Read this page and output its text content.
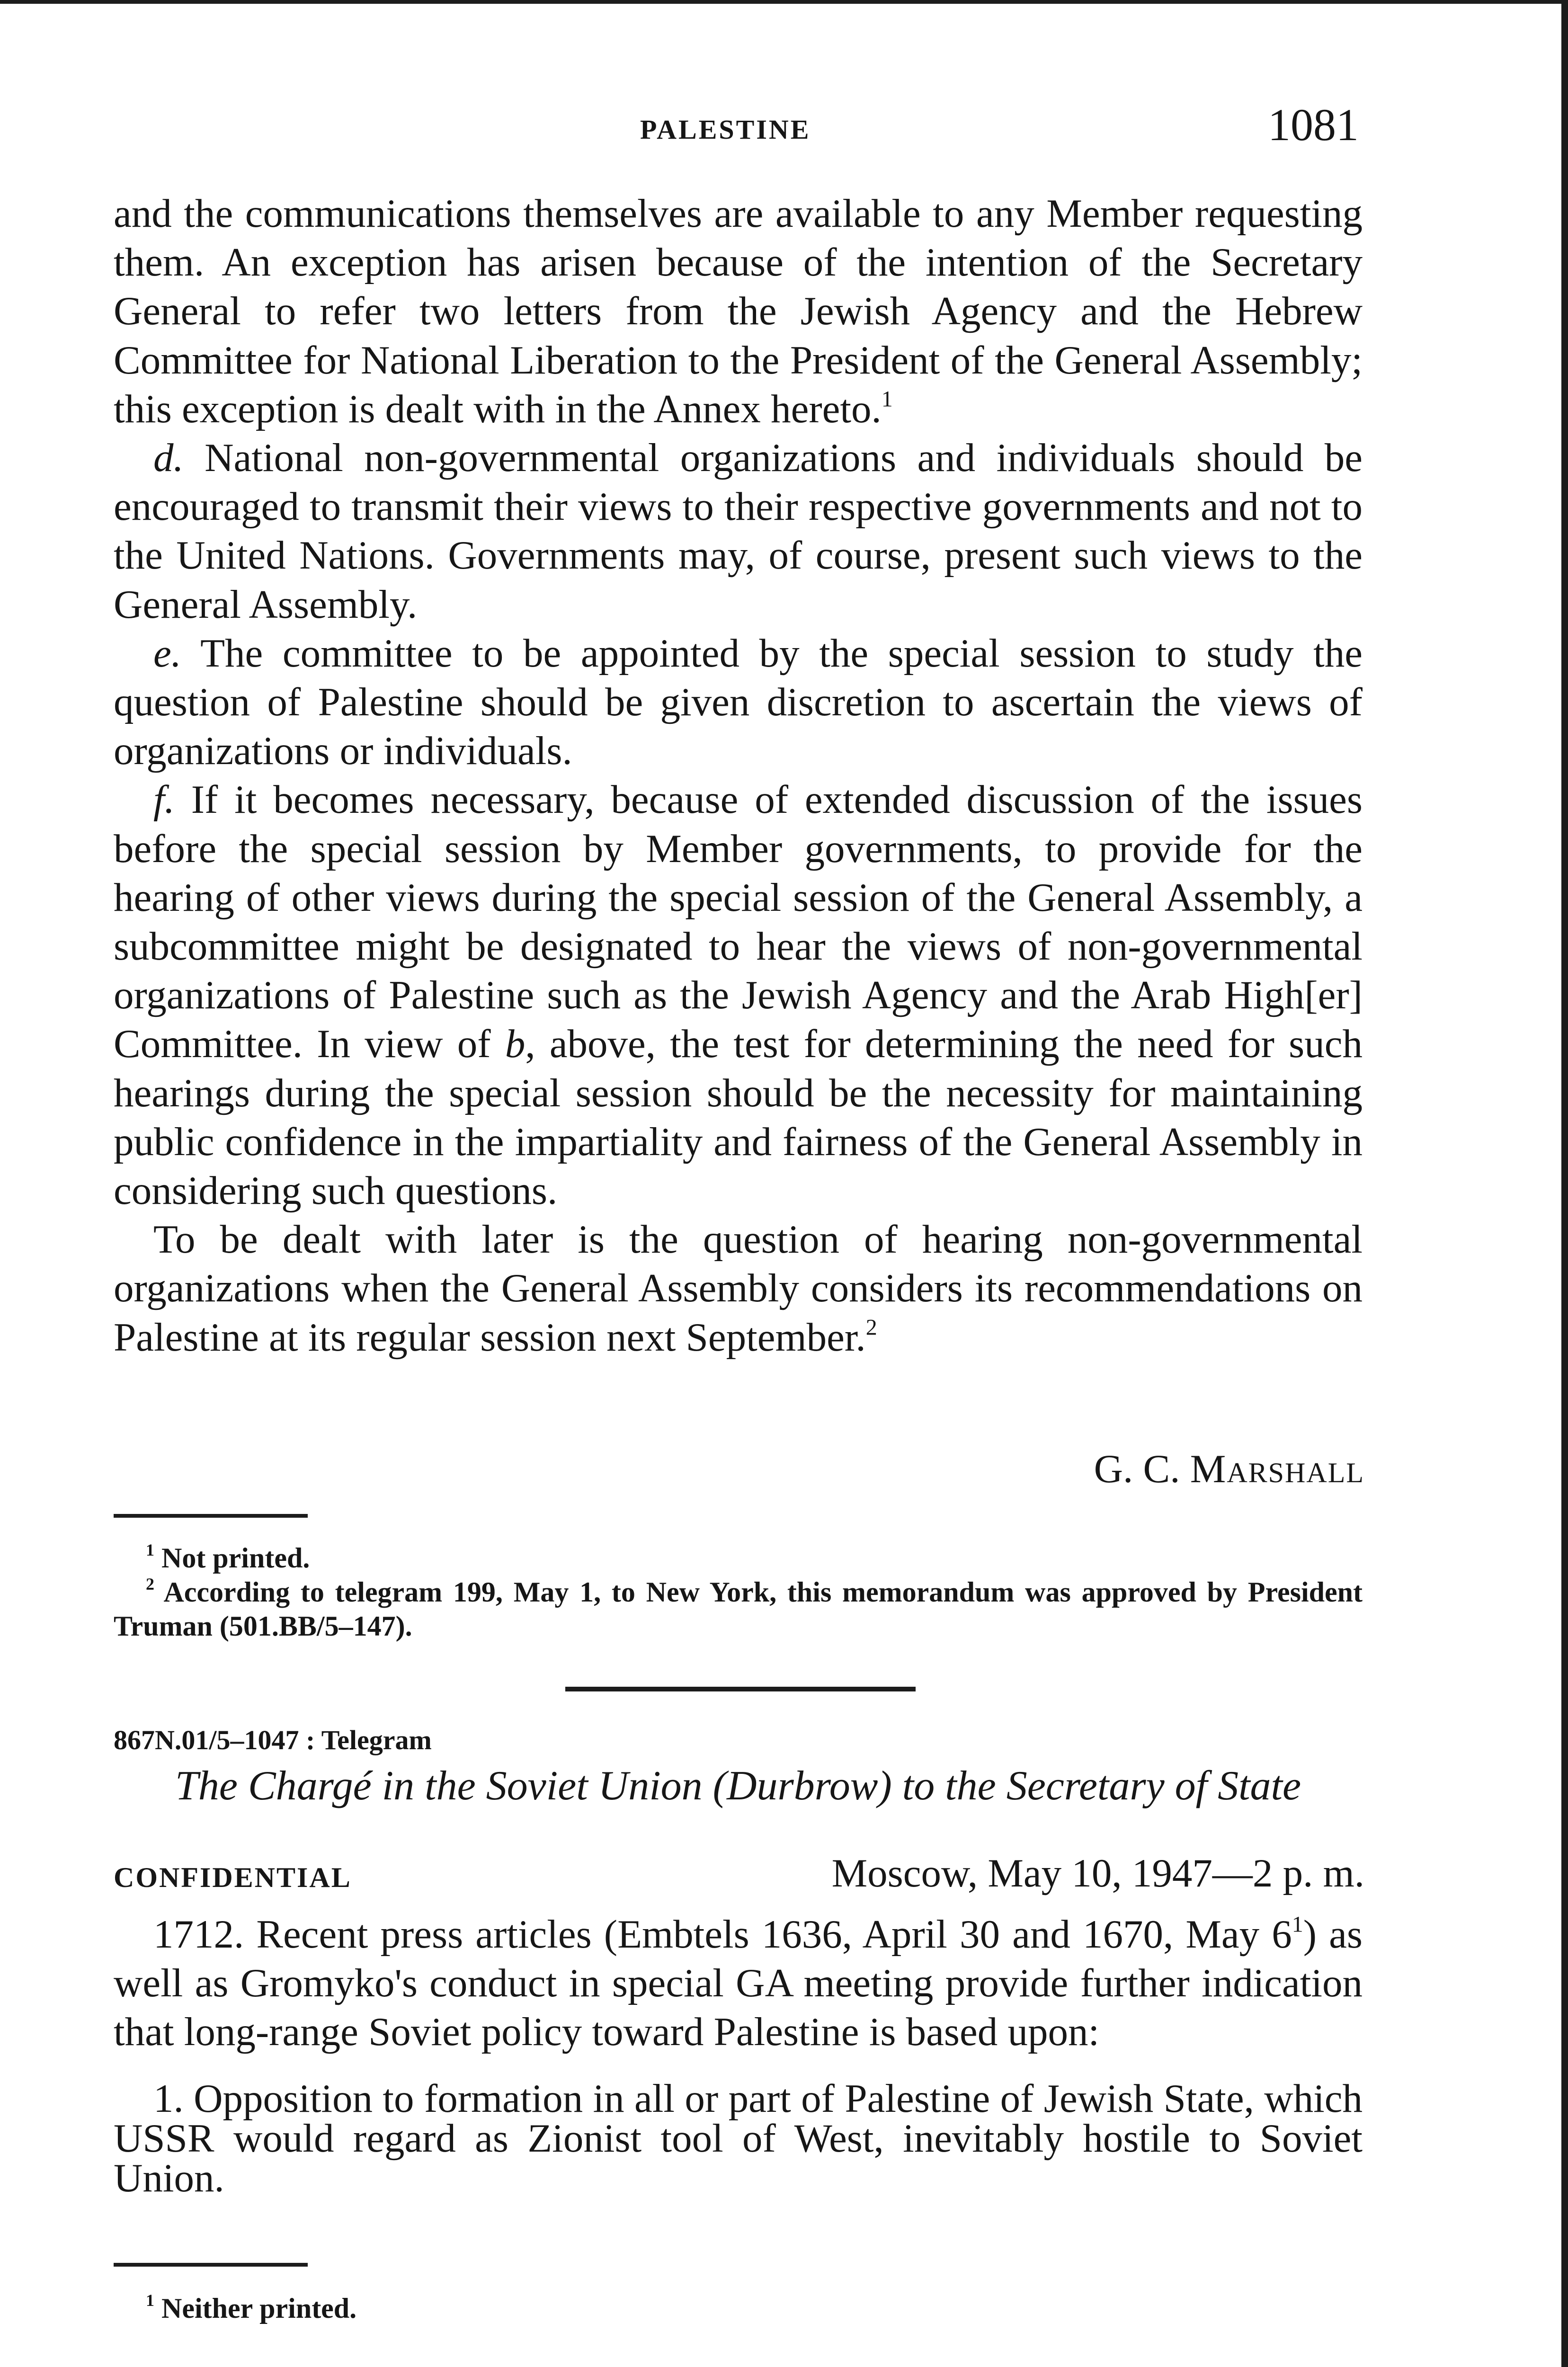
PALESTINE	1081

and the communications themselves are available to any Member requesting them. An exception has arisen because of the intention of the Secretary General to refer two letters from the Jewish Agency and the Hebrew Committee for National Liberation to the President of the General Assembly; this exception is dealt with in the Annex hereto.$^1$

d. National non-governmental organizations and individuals should be encouraged to transmit their views to their respective governments and not to the United Nations. Governments may, of course, present such views to the General Assembly.

e. The committee to be appointed by the special session to study the question of Palestine should be given discretion to ascertain the views of organizations or individuals.

f. If it becomes necessary, because of extended discussion of the issues before the special session by Member governments, to provide for the hearing of other views during the special session of the General Assembly, a subcommittee might be designated to hear the views of non-governmental organizations of Palestine such as the Jewish Agency and the Arab High[er] Committee. In view of b, above, the test for determining the need for such hearings during the special session should be the necessity for maintaining public confidence in the impartiality and fairness of the General Assembly in considering such questions.

To be dealt with later is the question of hearing non-governmental organizations when the General Assembly considers its recommendations on Palestine at its regular session next September.$^2$

G. C. Marshall

$^1$ Not printed.

$^2$ According to telegram 199, May 1, to New York, this memorandum was approved by President Truman (501.BB/5–147).

867N.01/5–1047 : Telegram
The Chargé in the Soviet Union (Durbrow) to the Secretary of State
CONFIDENTIAL	Moscow, May 10, 1947—2 p. m.

1712. Recent press articles (Embtels 1636, April 30 and 1670, May $6^1$) as well as Gromyko's conduct in special GA meeting provide further indication that long-range Soviet policy toward Palestine is based upon:

1. Opposition to formation in all or part of Palestine of Jewish State, which USSR would regard as Zionist tool of West, inevitably hostile to Soviet Union.

$^1$ Neither printed.
